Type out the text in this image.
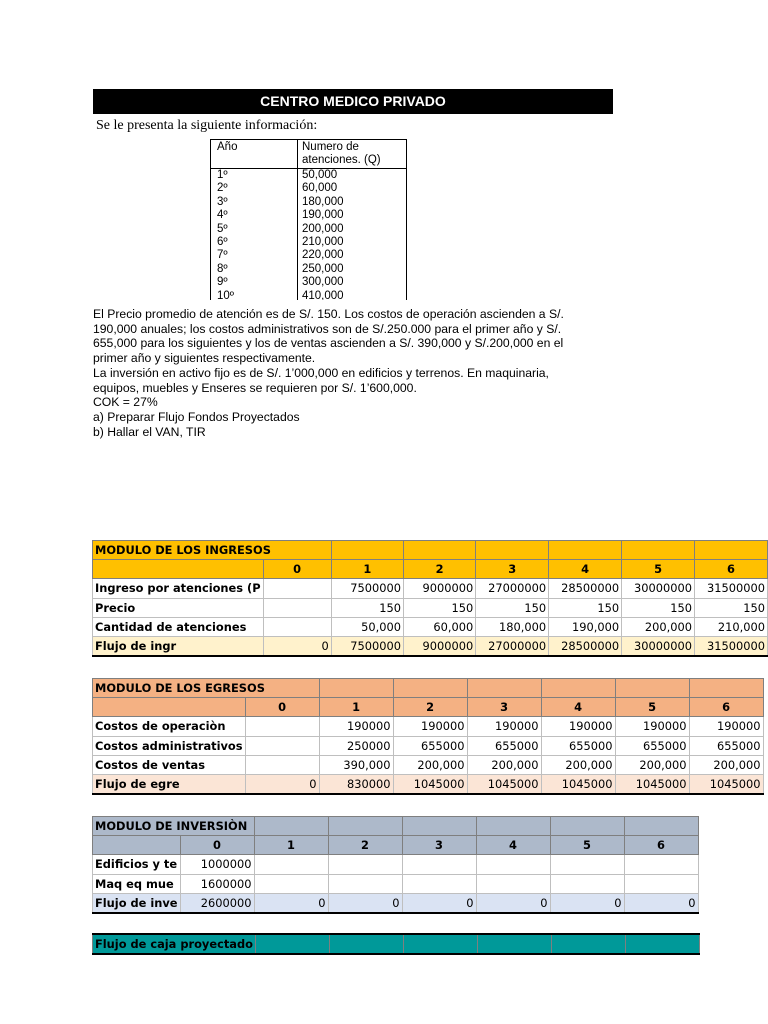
CENTRO MEDICO PRIVADO
Se le presenta la siguiente información:
Año	Numero de atenciones. (Q)
1º	50,000
2º	60,000
3º	180,000
4º	190,000
5º	200,000
6º	210,000
7º	220,000
8º	250,000
9º	300,000
10º	410,000

El Precio promedio de atención es de S/. 150. Los costos de operación ascienden a S/. 190,000 anuales; los costos administrativos son de S/.250.000 para el primer año y S/. 655,000 para los siguientes y los de ventas ascienden a S/. 390,000 y S/.200,000 en el primer año y siguientes respectivamente.

La inversión en activo fijo es de S/. 1’000,000 en edificios y terrenos. En maquinaria, equipos, muebles y Enseres se requieren por S/. 1’600,000.

COK = 27%

a) Preparar Flujo Fondos Proyectados

b) Hallar el VAN, TIR

MODULO DE LOS INGRESOS							
	0	1	2	3	4	5	6
Ingreso por atenciones (P		7500000	9000000	27000000	28500000	30000000	31500000
Precio		150	150	150	150	150	150
Cantidad de atenciones		50,000	60,000	180,000	190,000	200,000	210,000
Flujo de ingr	0	7500000	9000000	27000000	28500000	30000000	31500000
MODULO DE LOS EGRESOS							
	0	1	2	3	4	5	6
Costos de operaciòn		190000	190000	190000	190000	190000	190000
Costos administrativos		250000	655000	655000	655000	655000	655000
Costos de ventas		390,000	200,000	200,000	200,000	200,000	200,000
Flujo de egre	0	830000	1045000	1045000	1045000	1045000	1045000
MODULO DE INVERSIÒN							
	0	1	2	3	4	5	6
Edificios y te	1000000						
Maq eq mue	1600000						
Flujo de inve	2600000	0	0	0	0	0	0
Flujo de caja proyectado						
